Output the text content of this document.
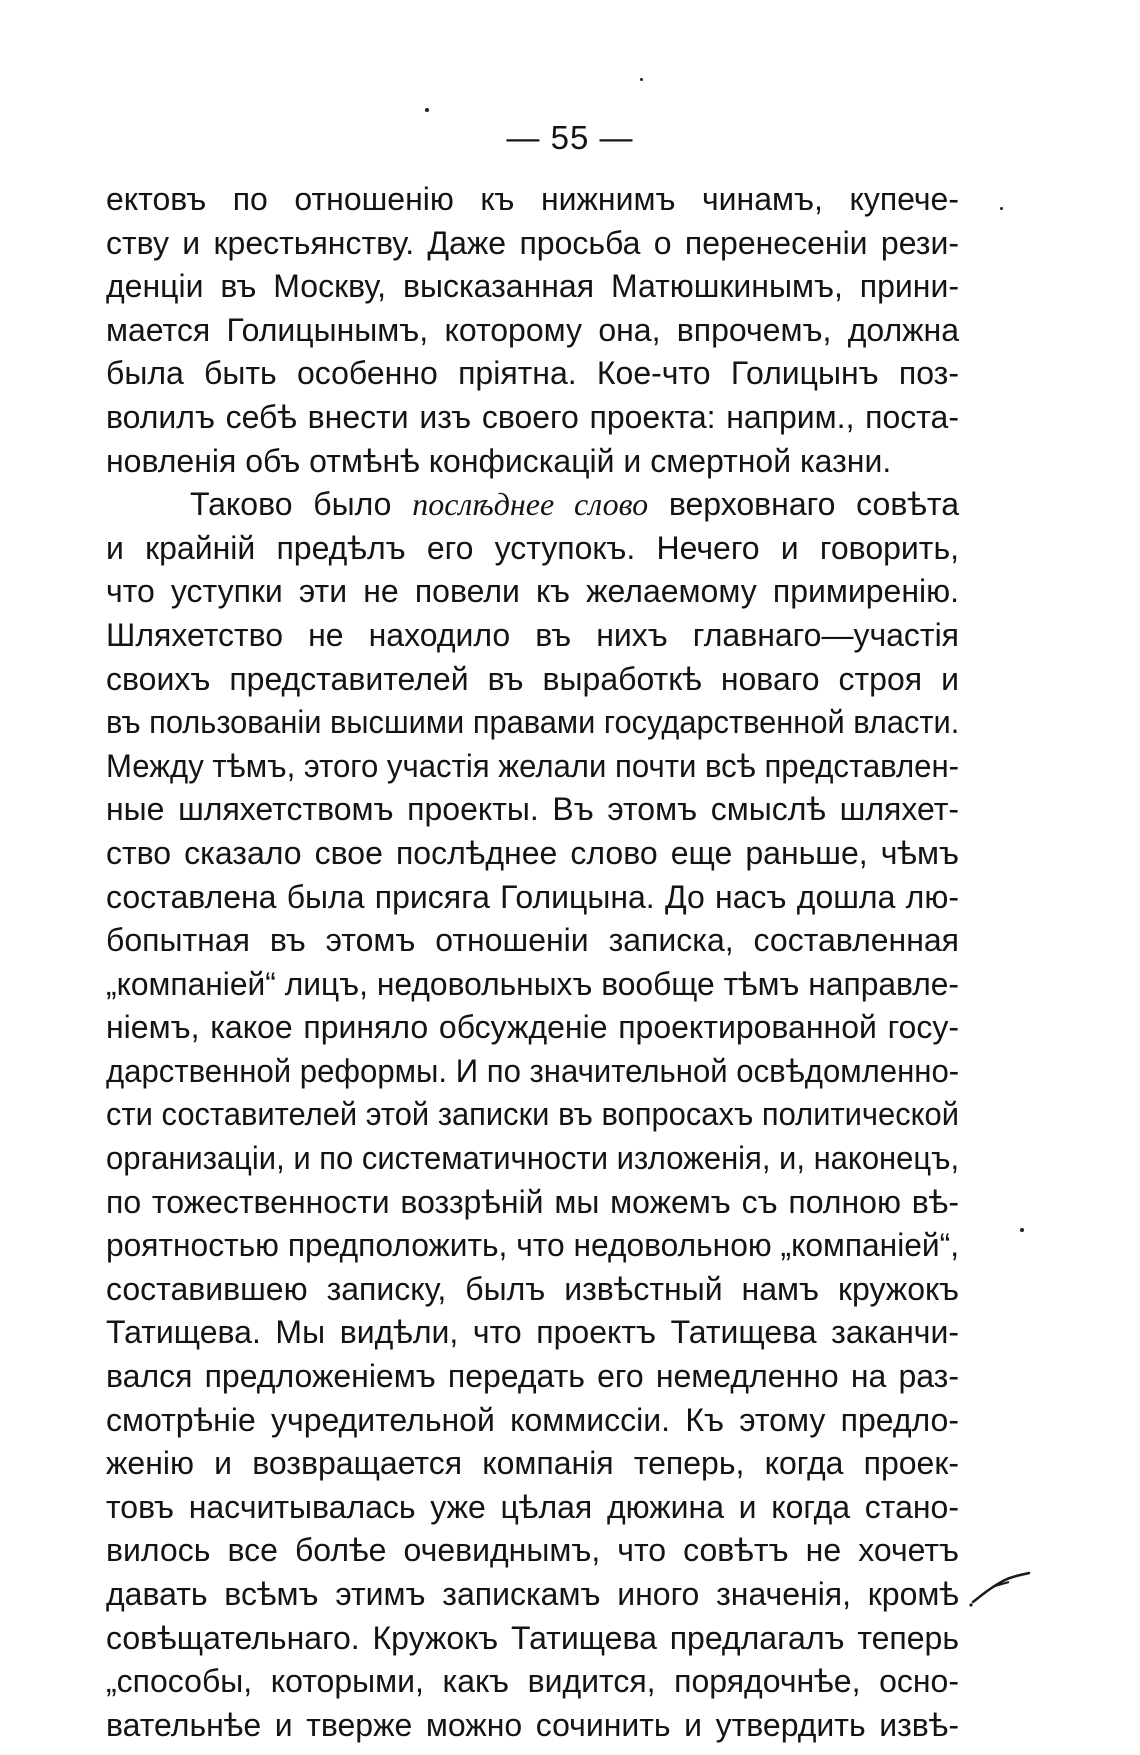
— 55 —
ектовъ по отношенію къ нижнимъ чинамъ, купече-
ству и крестьянству. Даже просьба о перенесеніи рези-
денціи въ Москву, высказанная Матюшкинымъ, прини-
мается Голицынымъ, которому она, впрочемъ, должна
была быть особенно пріятна. Кое-что Голицынъ поз-
волилъ себѣ внести изъ своего проекта: наприм., поста-
новленія объ отмѣнѣ конфискацій и смертной казни.
Таково было послѣднее слово верховнаго совѣта
и крайній предѣлъ его уступокъ. Нечего и говорить,
что уступки эти не повели къ желаемому примиренію.
Шляхетство не находило въ нихъ главнаго—участія
своихъ представителей въ выработкѣ новаго строя и
въ пользованіи высшими правами государственной власти.
Между тѣмъ, этого участія желали почти всѣ представлен-
ные шляхетствомъ проекты. Въ этомъ смыслѣ шляхет-
ство сказало свое послѣднее слово еще раньше, чѣмъ
составлена была присяга Голицына. До насъ дошла лю-
бопытная въ этомъ отношеніи записка, составленная
„компаніей“ лицъ, недовольныхъ вообще тѣмъ направле-
ніемъ, какое приняло обсужденіе проектированной госу-
дарственной реформы. И по значительной освѣдомленно-
сти составителей этой записки въ вопросахъ политической
организаціи, и по систематичности изложенія, и, наконецъ,
по тожественности воззрѣній мы можемъ съ полною вѣ-
роятностью предположить, что недовольною „компаніей“,
составившею записку, былъ извѣстный намъ кружокъ
Татищева. Мы видѣли, что проектъ Татищева заканчи-
вался предложеніемъ передать его немедленно на раз-
смотрѣніе учредительной коммиссіи. Къ этому предло-
женію и возвращается компанія теперь, когда проек-
товъ насчитывалась уже цѣлая дюжина и когда стано-
вилось все болѣе очевиднымъ, что совѣтъ не хочетъ
давать всѣмъ этимъ запискамъ иного значенія, кромѣ
совѣщательнаго. Кружокъ Татищева предлагалъ теперь
„способы, которыми, какъ видится, порядочнѣе, осно-
вательнѣе и тверже можно сочинить и утвердить извѣ-
